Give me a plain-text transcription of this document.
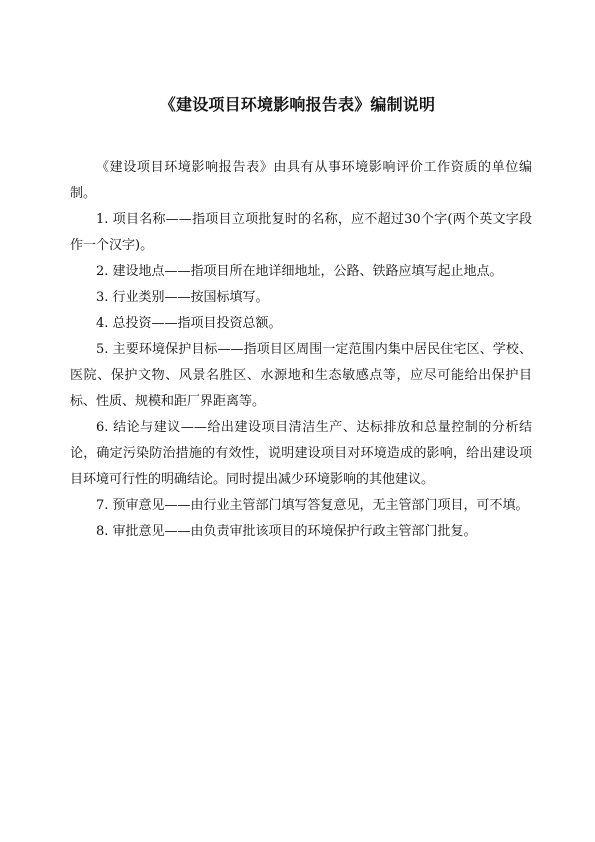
《建设项目环境影响报告表》编制说明

《建设项目环境影响报告表》由具有从事环境影响评价工作资质的单位编制。

1. 项目名称——指项目立项批复时的名称，应不超过30个字(两个英文字段作一个汉字)。

2. 建设地点——指项目所在地详细地址，公路、铁路应填写起止地点。

3. 行业类别——按国标填写。

4. 总投资——指项目投资总额。

5. 主要环境保护目标——指项目区周围一定范围内集中居民住宅区、学校、医院、保护文物、风景名胜区、水源地和生态敏感点等，应尽可能给出保护目标、性质、规模和距厂界距离等。

6. 结论与建议——给出建设项目清洁生产、达标排放和总量控制的分析结论，确定污染防治措施的有效性，说明建设项目对环境造成的影响，给出建设项目环境可行性的明确结论。同时提出减少环境影响的其他建议。

7. 预审意见——由行业主管部门填写答复意见，无主管部门项目，可不填。

8. 审批意见——由负责审批该项目的环境保护行政主管部门批复。
